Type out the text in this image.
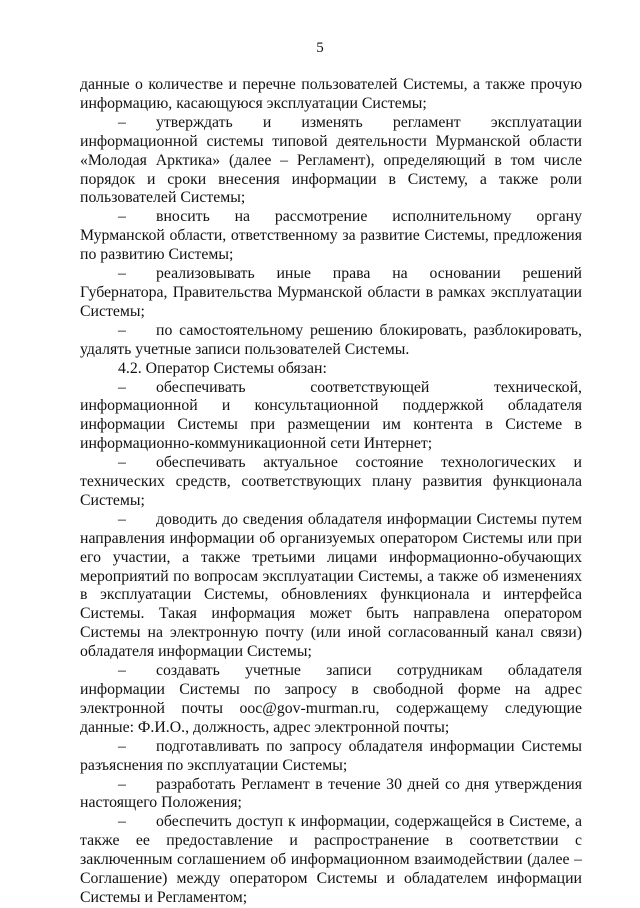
5

данные о количестве и перечне пользователей Системы, а также прочую информацию, касающуюся эксплуатации Системы;

– утверждать и изменять регламент эксплуатации информационной системы типовой деятельности Мурманской области «Молодая Арктика» (далее – Регламент), определяющий в том числе порядок и сроки внесения информации в Систему, а также роли пользователей Системы;

– вносить на рассмотрение исполнительному органу Мурманской области, ответственному за развитие Системы, предложения по развитию Системы;

– реализовывать иные права на основании решений Губернатора, Правительства Мурманской области в рамках эксплуатации Системы;

– по самостоятельному решению блокировать, разблокировать, удалять учетные записи пользователей Системы.

4.2. Оператор Системы обязан:

– обеспечивать соответствующей технической, информационной и консультационной поддержкой обладателя информации Системы при размещении им контента в Системе в информационно-коммуникационной сети Интернет;

– обеспечивать актуальное состояние технологических и технических средств, соответствующих плану развития функционала Системы;

– доводить до сведения обладателя информации Системы путем направления информации об организуемых оператором Системы или при его участии, а также третьими лицами информационно-обучающих мероприятий по вопросам эксплуатации Системы, а также об изменениях в эксплуатации Системы, обновлениях функционала и интерфейса Системы. Такая информация может быть направлена оператором Системы на электронную почту (или иной согласованный канал связи) обладателя информации Системы;

– создавать учетные записи сотрудникам обладателя информации Системы по запросу в свободной форме на адрес электронной почты ooc@gov-murman.ru, содержащему следующие данные: Ф.И.О., должность, адрес электронной почты;

– подготавливать по запросу обладателя информации Системы разъяснения по эксплуатации Системы;

– разработать Регламент в течение 30 дней со дня утверждения настоящего Положения;

– обеспечить доступ к информации, содержащейся в Системе, а также ее предоставление и распространение в соответствии с заключенным соглашением об информационном взаимодействии (далее – Соглашение) между оператором Системы и обладателем информации Системы и Регламентом;
